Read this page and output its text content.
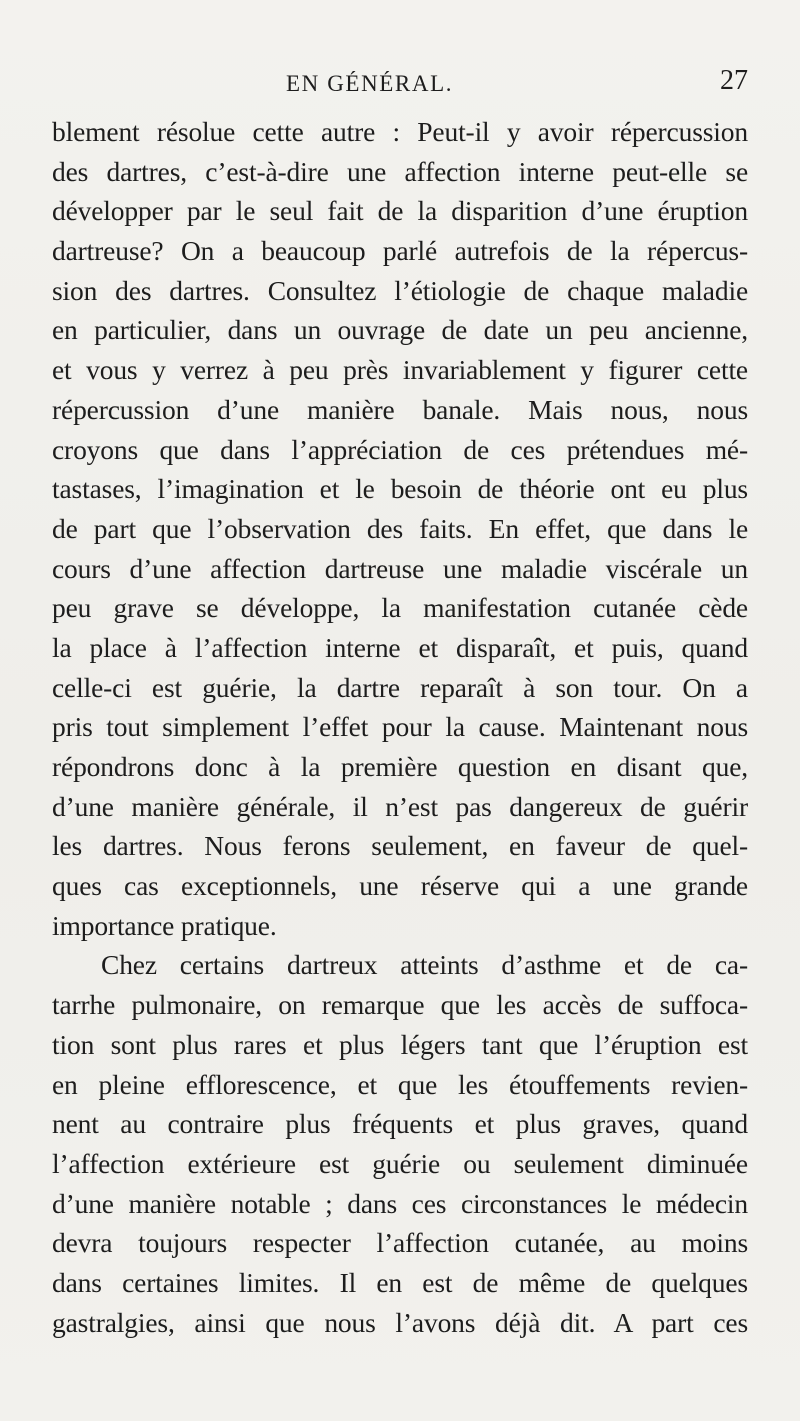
EN GÉNÉRAL.	27
blement résolue cette autre : Peut-il y avoir répercussion
des dartres, c’est-à-dire une affection interne peut-elle se
développer par le seul fait de la disparition d’une éruption
dartreuse? On a beaucoup parlé autrefois de la répercus-
sion des dartres. Consultez l’étiologie de chaque maladie
en particulier, dans un ouvrage de date un peu ancienne,
et vous y verrez à peu près invariablement y figurer cette
répercussion d’une manière banale. Mais nous, nous
croyons que dans l’appréciation de ces prétendues mé-
tastases, l’imagination et le besoin de théorie ont eu plus
de part que l’observation des faits. En effet, que dans le
cours d’une affection dartreuse une maladie viscérale un
peu grave se développe, la manifestation cutanée cède
la place à l’affection interne et disparaît, et puis, quand
celle-ci est guérie, la dartre reparaît à son tour. On a
pris tout simplement l’effet pour la cause. Maintenant nous
répondrons donc à la première question en disant que,
d’une manière générale, il n’est pas dangereux de guérir
les dartres. Nous ferons seulement, en faveur de quel-
ques cas exceptionnels, une réserve qui a une grande
importance pratique.
Chez certains dartreux atteints d’asthme et de ca-
tarrhe pulmonaire, on remarque que les accès de suffoca-
tion sont plus rares et plus légers tant que l’éruption est
en pleine efflorescence, et que les étouffements revien-
nent au contraire plus fréquents et plus graves, quand
l’affection extérieure est guérie ou seulement diminuée
d’une manière notable ; dans ces circonstances le médecin
devra toujours respecter l’affection cutanée, au moins
dans certaines limites. Il en est de même de quelques
gastralgies, ainsi que nous l’avons déjà dit. A part ces
